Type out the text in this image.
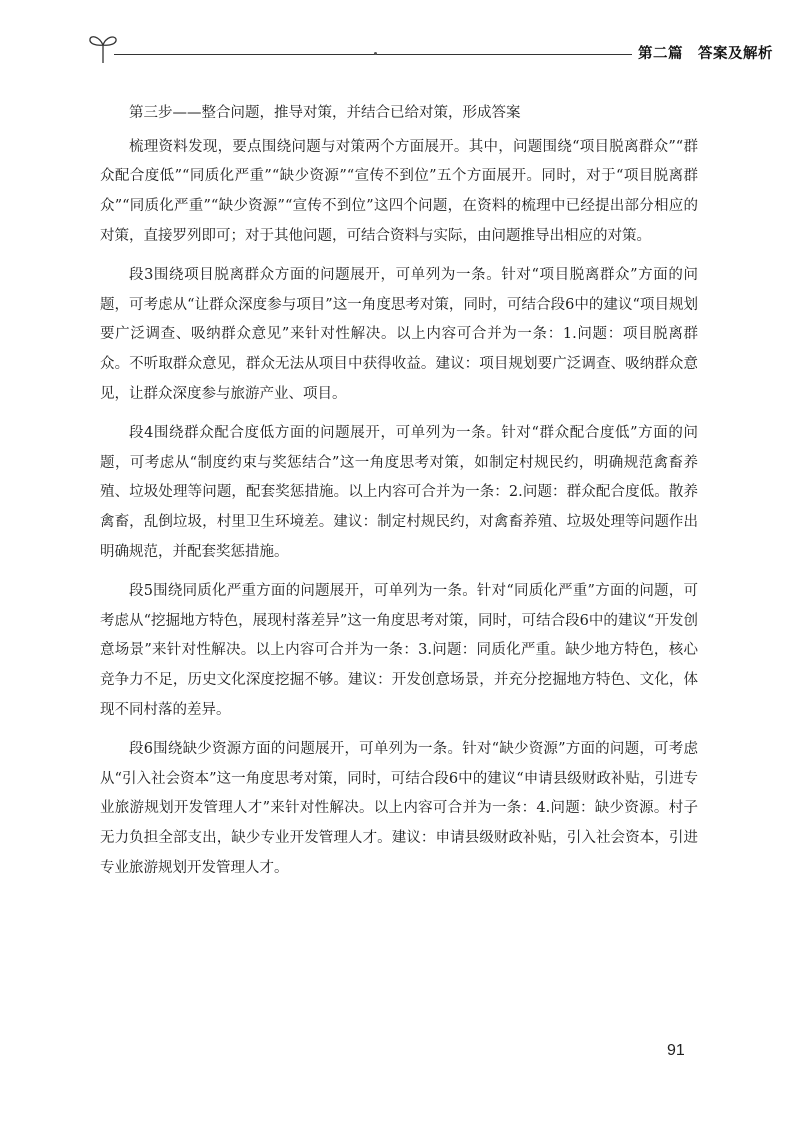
第二篇　答案及解析

第三步——整合问题，推导对策，并结合已给对策，形成答案

梳理资料发现，要点围绕问题与对策两个方面展开。其中，问题围绕“项目脱离群众”“群众配合度低”“同质化严重”“缺少资源”“宣传不到位”五个方面展开。同时，对于“项目脱离群众”“同质化严重”“缺少资源”“宣传不到位”这四个问题，在资料的梳理中已经提出部分相应的对策，直接罗列即可；对于其他问题，可结合资料与实际，由问题推导出相应的对策。

段3围绕项目脱离群众方面的问题展开，可单列为一条。针对“项目脱离群众”方面的问题，可考虑从“让群众深度参与项目”这一角度思考对策，同时，可结合段6中的建议“项目规划要广泛调查、吸纳群众意见”来针对性解决。以上内容可合并为一条：1.问题：项目脱离群众。不听取群众意见，群众无法从项目中获得收益。建议：项目规划要广泛调查、吸纳群众意见，让群众深度参与旅游产业、项目。

段4围绕群众配合度低方面的问题展开，可单列为一条。针对“群众配合度低”方面的问题，可考虑从“制度约束与奖惩结合”这一角度思考对策，如制定村规民约，明确规范禽畜养殖、垃圾处理等问题，配套奖惩措施。以上内容可合并为一条：2.问题：群众配合度低。散养禽畜，乱倒垃圾，村里卫生环境差。建议：制定村规民约，对禽畜养殖、垃圾处理等问题作出明确规范，并配套奖惩措施。

段5围绕同质化严重方面的问题展开，可单列为一条。针对“同质化严重”方面的问题，可考虑从“挖掘地方特色，展现村落差异”这一角度思考对策，同时，可结合段6中的建议“开发创意场景”来针对性解决。以上内容可合并为一条：3.问题：同质化严重。缺少地方特色，核心竞争力不足，历史文化深度挖掘不够。建议：开发创意场景，并充分挖掘地方特色、文化，体现不同村落的差异。

段6围绕缺少资源方面的问题展开，可单列为一条。针对“缺少资源”方面的问题，可考虑从“引入社会资本”这一角度思考对策，同时，可结合段6中的建议“申请县级财政补贴，引进专业旅游规划开发管理人才”来针对性解决。以上内容可合并为一条：4.问题：缺少资源。村子无力负担全部支出，缺少专业开发管理人才。建议：申请县级财政补贴，引入社会资本，引进专业旅游规划开发管理人才。

91
